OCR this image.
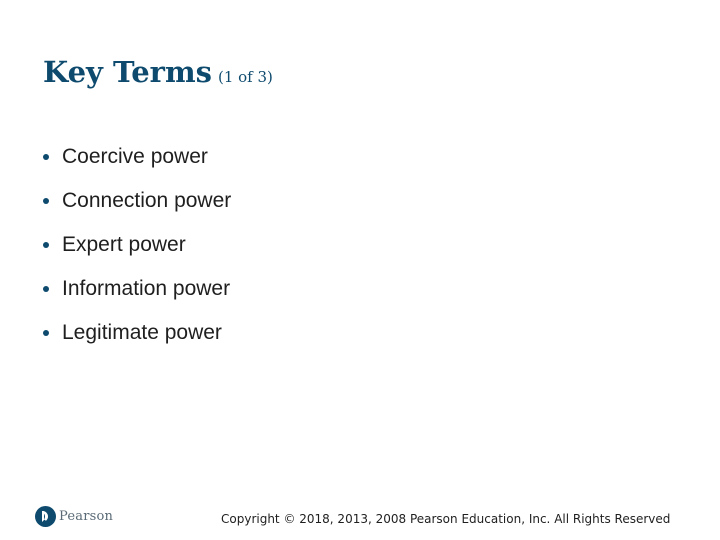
Key Terms (1 of 3)
Coercive power
Connection power
Expert power
Information power
Legitimate power
Pearson	Copyright © 2018, 2013, 2008 Pearson Education, Inc. All Rights Reserved
